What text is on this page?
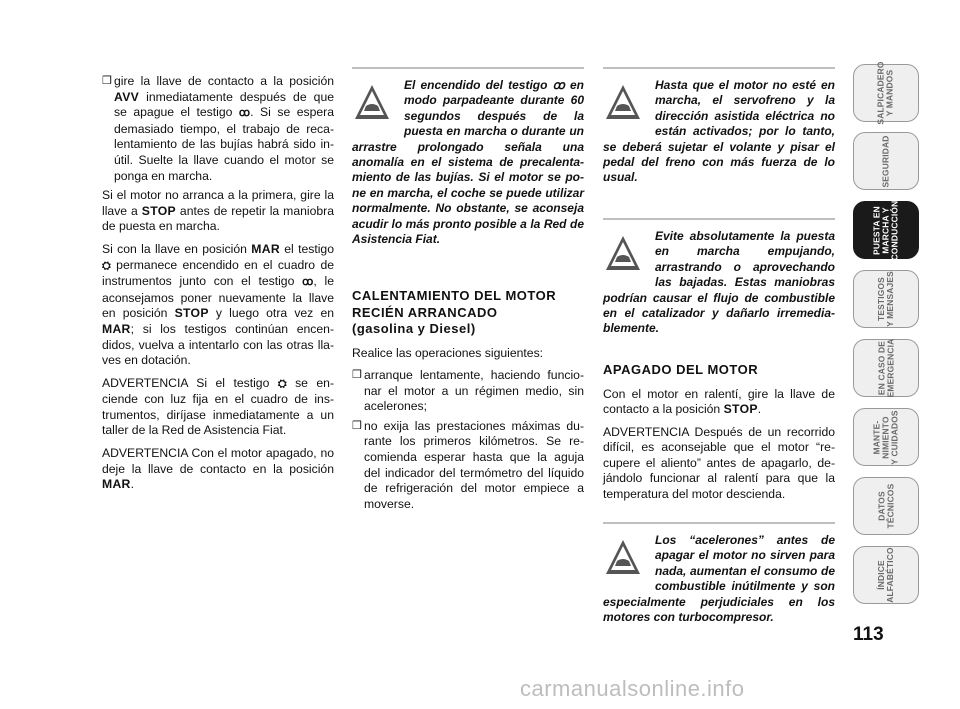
❒ gire la llave de contacto a la posición AVV inmediatamente después de que se apague el testigo ꝏ. Si se espera demasiado tiempo, el trabajo de recalentamiento de las bujías habrá sido inútil. Suelte la llave cuando el motor se ponga en marcha.

Si el motor no arranca a la primera, gire la llave a STOP antes de repetir la maniobra de puesta en marcha.

Si con la llave en posición MAR el testigo ⛭ permanece encendido en el cuadro de instrumentos junto con el testigo ꝏ, le aconsejamos poner nuevamente la llave en posición STOP y luego otra vez en MAR; si los testigos continúan encendidos, vuelva a intentarlo con las otras llaves en dotación.

ADVERTENCIA Si el testigo ⛭ se enciende con luz fija en el cuadro de instrumentos, diríjase inmediatamente a un taller de la Red de Asistencia Fiat.

ADVERTENCIA Con el motor apagado, no deje la llave de contacto en la posición MAR.

El encendido del testigo ꝏ en modo parpadeante durante 60 segundos después de la puesta en marcha o durante un arrastre prolongado señala una anomalía en el sistema de precalentamiento de las bujías. Si el motor se pone en marcha, el coche se puede utilizar normalmente. No obstante, se aconseja acudir lo más pronto posible a la Red de Asistencia Fiat.

CALENTAMIENTO DEL MOTOR RECIÉN ARRANCADO
(gasolina y Diesel)

Realice las operaciones siguientes:

❒ arranque lentamente, haciendo funcionar el motor a un régimen medio, sin acelerones;
❒ no exija las prestaciones máximas durante los primeros kilómetros. Se recomienda esperar hasta que la aguja del indicador del termómetro del líquido de refrigeración del motor empiece a moverse.

Hasta que el motor no esté en marcha, el servofreno y la dirección asistida eléctrica no están activados; por lo tanto, se deberá sujetar el volante y pisar el pedal del freno con más fuerza de lo usual.

Evite absolutamente la puesta en marcha empujando, arrastrando o aprovechando las bajadas. Estas maniobras podrían causar el flujo de combustible en el catalizador y dañarlo irremediablemente.

APAGADO DEL MOTOR

Con el motor en ralentí, gire la llave de contacto a la posición STOP.

ADVERTENCIA Después de un recorrido difícil, es aconsejable que el motor “recupere el aliento” antes de apagarlo, dejándolo funcionar al ralentí para que la temperatura del motor descienda.

Los “acelerones” antes de apagar el motor no sirven para nada, aumentan el consumo de combustible inútilmente y son especialmente perjudiciales en los motores con turbocompresor.

SALPICADERO
Y MANDOS
SEGURIDAD
PUESTA EN
MARCHA Y
CONDUCCIÓN
TESTIGOS
Y MENSAJES
EN CASO DE
EMERGENCIA
MANTE-
NIMIENTO
Y CUIDADOS
DATOS
TÉCNICOS
ÍNDICE
ALFABÉTICO
113
carmanualsonline.info
